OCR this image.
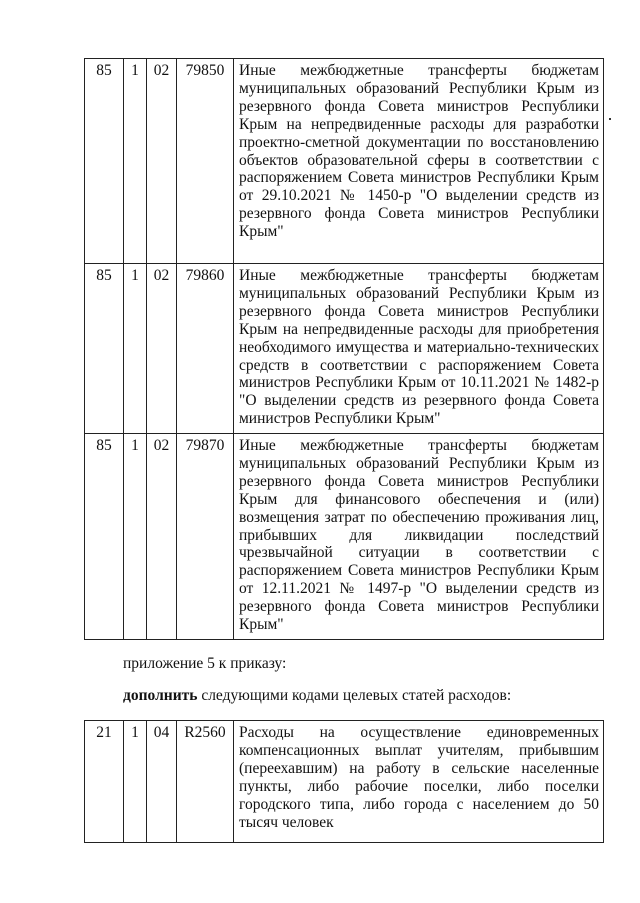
85	1	02	79850	Иные межбюджетные трансферты бюджетам муниципальных образований Республики Крым из резервного фонда Совета министров Республики Крым на непредвиденные расходы для разработки проектно-сметной документации по восстановлению объектов образовательной сферы в соответствии с распоряжением Совета министров Республики Крым от 29.10.2021 № 1450-р "О выделении средств из резервного фонда Совета министров Республики Крым"
85	1	02	79860	Иные межбюджетные трансферты бюджетам муниципальных образований Республики Крым из резервного фонда Совета министров Республики Крым на непредвиденные расходы для приобретения необходимого имущества и материально-технических средств в соответствии с распоряжением Совета министров Республики Крым от 10.11.2021 № 1482-р "О выделении средств из резервного фонда Совета министров Республики Крым"
85	1	02	79870	Иные межбюджетные трансферты бюджетам муниципальных образований Республики Крым из резервного фонда Совета министров Республики Крым для финансового обеспечения и (или) возмещения затрат по обеспечению проживания лиц, прибывших для ликвидации последствий чрезвычайной ситуации в соответствии с распоряжением Совета министров Республики Крым от 12.11.2021 № 1497-р "О выделении средств из резервного фонда Совета министров Республики Крым"
приложение 5 к приказу:
дополнить следующими кодами целевых статей расходов:
21	1	04	R2560	Расходы на осуществление единовременных компенсационных выплат учителям, прибывшим (переехавшим) на работу в сельские населенные пункты, либо рабочие поселки, либо поселки городского типа, либо города с населением до 50 тысяч человек
